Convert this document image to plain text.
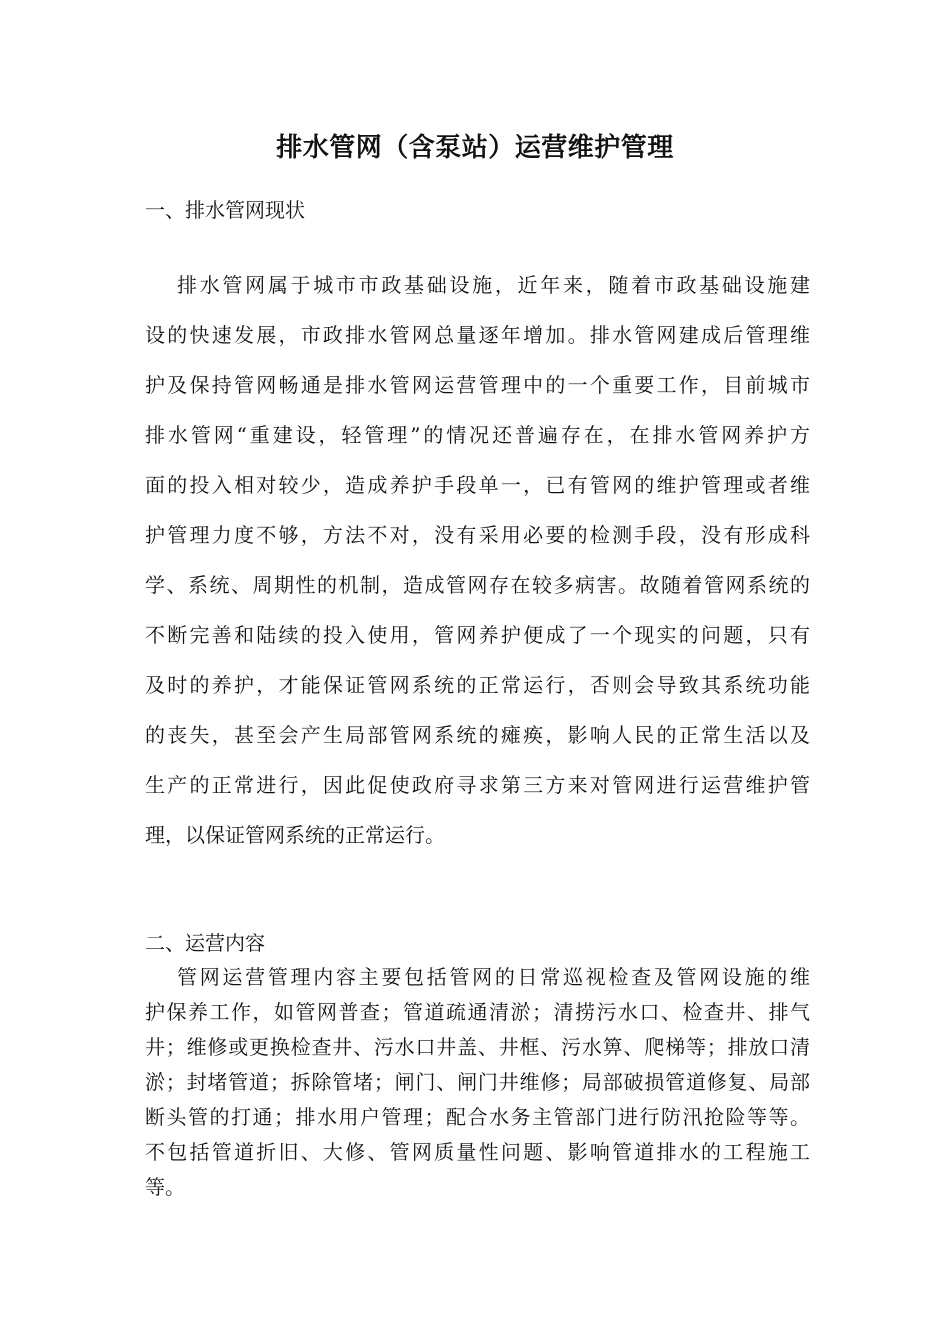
排水管网（含泵站）运营维护管理
一、排水管网现状
排水管网属于城市市政基础设施，近年来，随着市政基础设施建
设的快速发展，市政排水管网总量逐年增加。排水管网建成后管理维
护及保持管网畅通是排水管网运营管理中的一个重要工作，目前城市
排水管网“重建设，轻管理”的情况还普遍存在，在排水管网养护方
面的投入相对较少，造成养护手段单一，已有管网的维护管理或者维
护管理力度不够，方法不对，没有采用必要的检测手段，没有形成科
学、系统、周期性的机制，造成管网存在较多病害。故随着管网系统的
不断完善和陆续的投入使用，管网养护便成了一个现实的问题，只有
及时的养护，才能保证管网系统的正常运行，否则会导致其系统功能
的丧失，甚至会产生局部管网系统的瘫痪，影响人民的正常生活以及
生产的正常进行，因此促使政府寻求第三方来对管网进行运营维护管
理，以保证管网系统的正常运行。
二、运营内容
管网运营管理内容主要包括管网的日常巡视检查及管网设施的维
护保养工作，如管网普查；管道疏通清淤；清捞污水口、检查井、排气
井；维修或更换检查井、污水口井盖、井框、污水箅、爬梯等；排放口清
淤；封堵管道；拆除管堵；闸门、闸门井维修；局部破损管道修复、局部
断头管的打通；排水用户管理；配合水务主管部门进行防汛抢险等等。
不包括管道折旧、大修、管网质量性问题、影响管道排水的工程施工
等。
